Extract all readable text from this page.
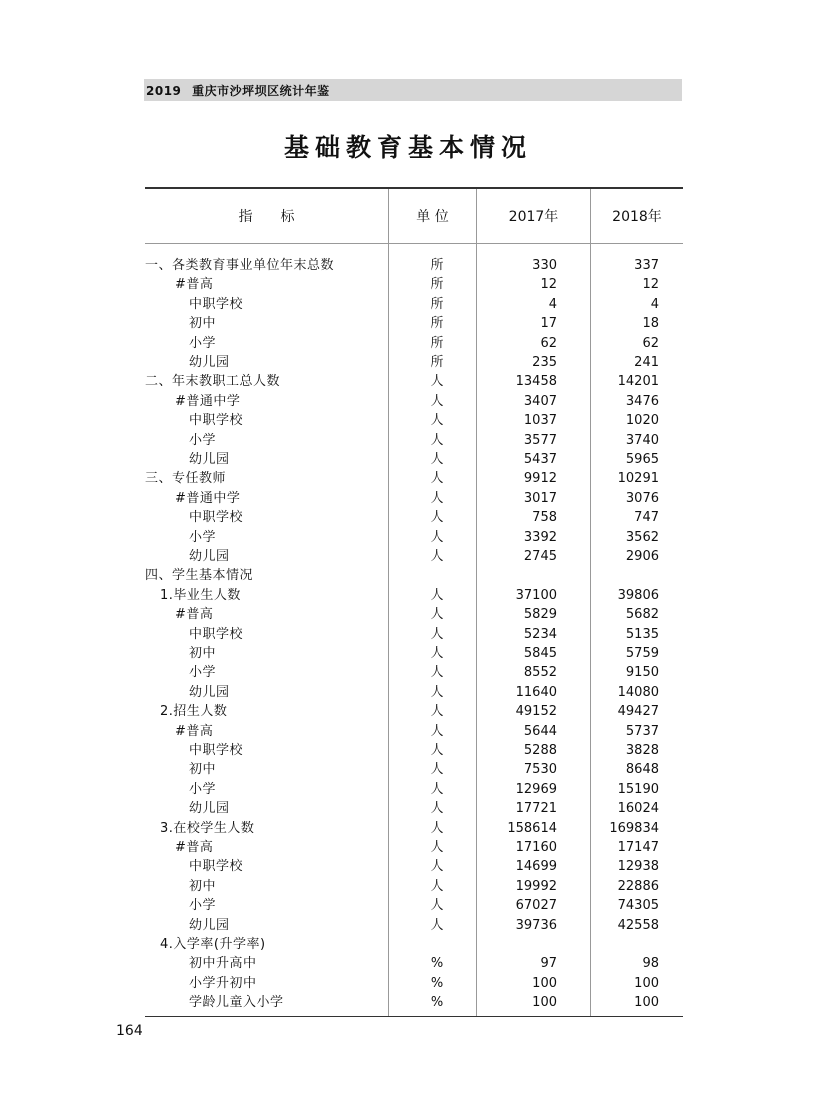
2019 重庆市沙坪坝区统计年鉴
基础教育基本情况
指　　标	单 位	2017年	2018年
一、各类教育事业单位年末总数	所	330	337
#普高	所	12	12
中职学校	所	4	4
初中	所	17	18
小学	所	62	62
幼儿园	所	235	241
二、年末教职工总人数	人	13458	14201
#普通中学	人	3407	3476
中职学校	人	1037	1020
小学	人	3577	3740
幼儿园	人	5437	5965
三、专任教师	人	9912	10291
#普通中学	人	3017	3076
中职学校	人	758	747
小学	人	3392	3562
幼儿园	人	2745	2906
四、学生基本情况
1.毕业生人数	人	37100	39806
#普高	人	5829	5682
中职学校	人	5234	5135
初中	人	5845	5759
小学	人	8552	9150
幼儿园	人	11640	14080
2.招生人数	人	49152	49427
#普高	人	5644	5737
中职学校	人	5288	3828
初中	人	7530	8648
小学	人	12969	15190
幼儿园	人	17721	16024
3.在校学生人数	人	158614	169834
#普高	人	17160	17147
中职学校	人	14699	12938
初中	人	19992	22886
小学	人	67027	74305
幼儿园	人	39736	42558
4.入学率(升学率)
初中升高中	%	97	98
小学升初中	%	100	100
学龄儿童入小学	%	100	100
164
